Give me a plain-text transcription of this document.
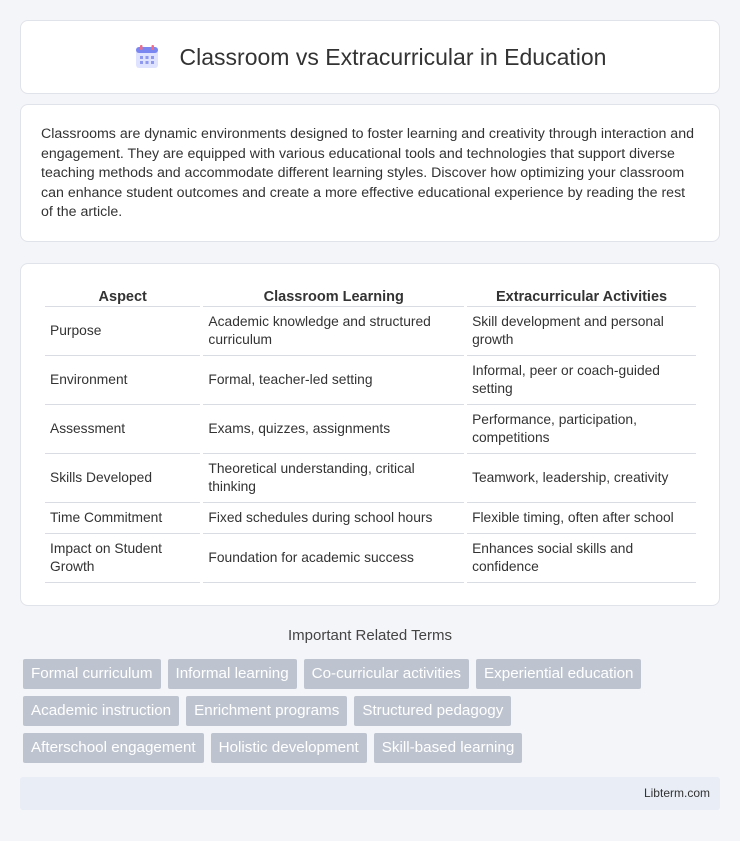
Classroom vs Extracurricular in Education

Classrooms are dynamic environments designed to foster learning and creativity through interaction and engagement. They are equipped with various educational tools and technologies that support diverse teaching methods and accommodate different learning styles. Discover how optimizing your classroom can enhance student outcomes and create a more effective educational experience by reading the rest of the article.

Aspect	Classroom Learning	Extracurricular Activities
Purpose	Academic knowledge and structured curriculum	Skill development and personal growth
Environment	Formal, teacher-led setting	Informal, peer or coach-guided setting
Assessment	Exams, quizzes, assignments	Performance, participation, competitions
Skills Developed	Theoretical understanding, critical thinking	Teamwork, leadership, creativity
Time Commitment	Fixed schedules during school hours	Flexible timing, often after school
Impact on Student Growth	Foundation for academic success	Enhances social skills and confidence
Important Related Terms
Formal curriculum	Informal learning	Co-curricular activities	Experiential education
Academic instruction	Enrichment programs	Structured pedagogy
Afterschool engagement	Holistic development	Skill-based learning
Libterm.com
